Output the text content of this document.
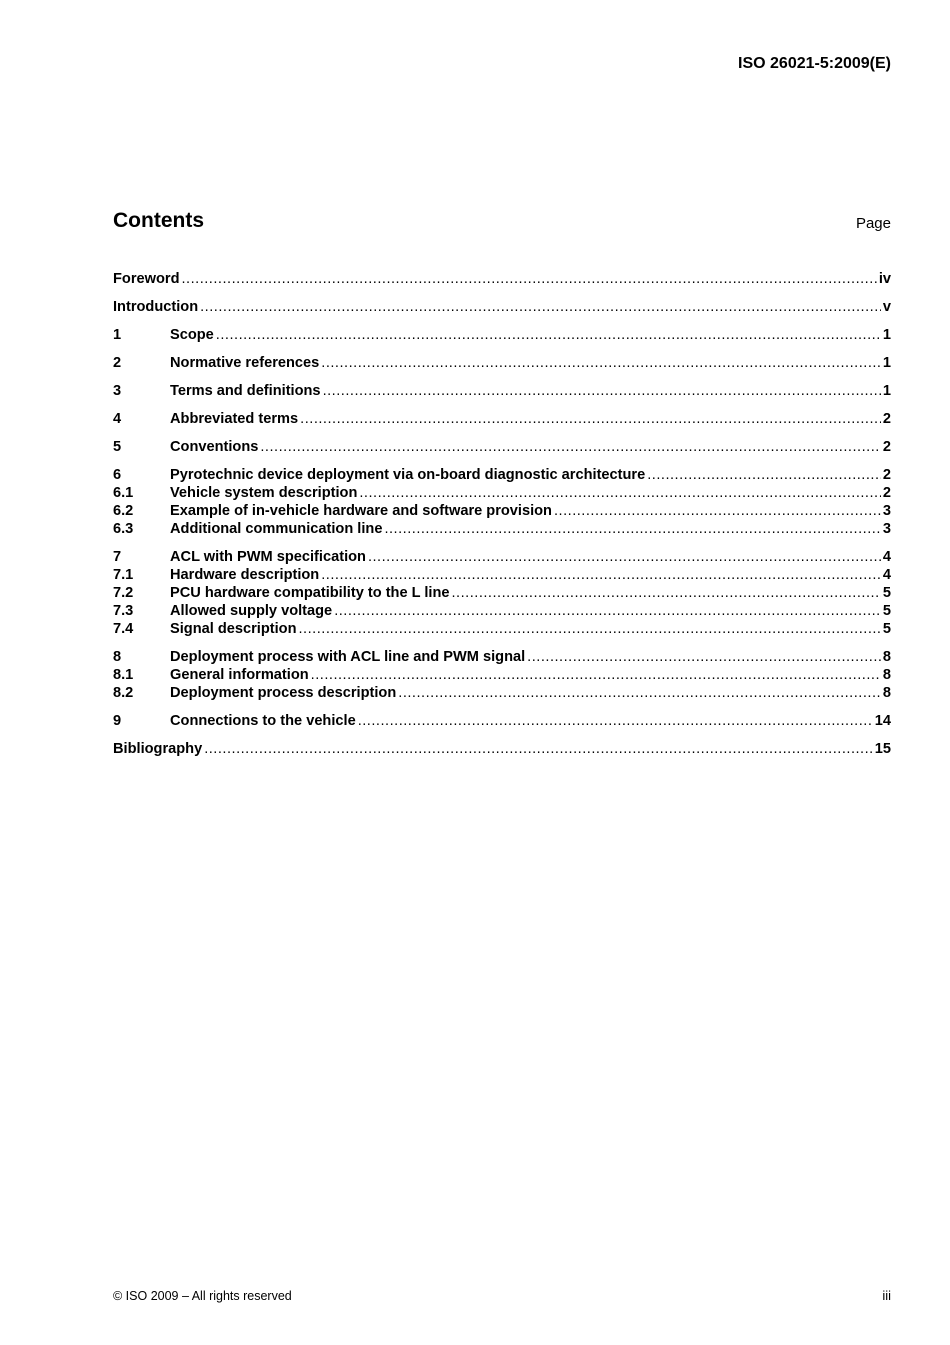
ISO 26021-5:2009(E)
Contents	Page
Foreword .....	iv
Introduction .....	v
1	Scope .....	1
2	Normative references .....	1
3	Terms and definitions .....	1
4	Abbreviated terms .....	2
5	Conventions .....	2
6	Pyrotechnic device deployment via on-board diagnostic architecture .....	2
6.1	Vehicle system description .....	2
6.2	Example of in-vehicle hardware and software provision .....	3
6.3	Additional communication line .....	3
7	ACL with PWM specification .....	4
7.1	Hardware description .....	4
7.2	PCU hardware compatibility to the L line .....	5
7.3	Allowed supply voltage .....	5
7.4	Signal description .....	5
8	Deployment process with ACL line and PWM signal .....	8
8.1	General information .....	8
8.2	Deployment process description .....	8
9	Connections to the vehicle .....	14
Bibliography .....	15
© ISO 2009 – All rights reserved	iii
